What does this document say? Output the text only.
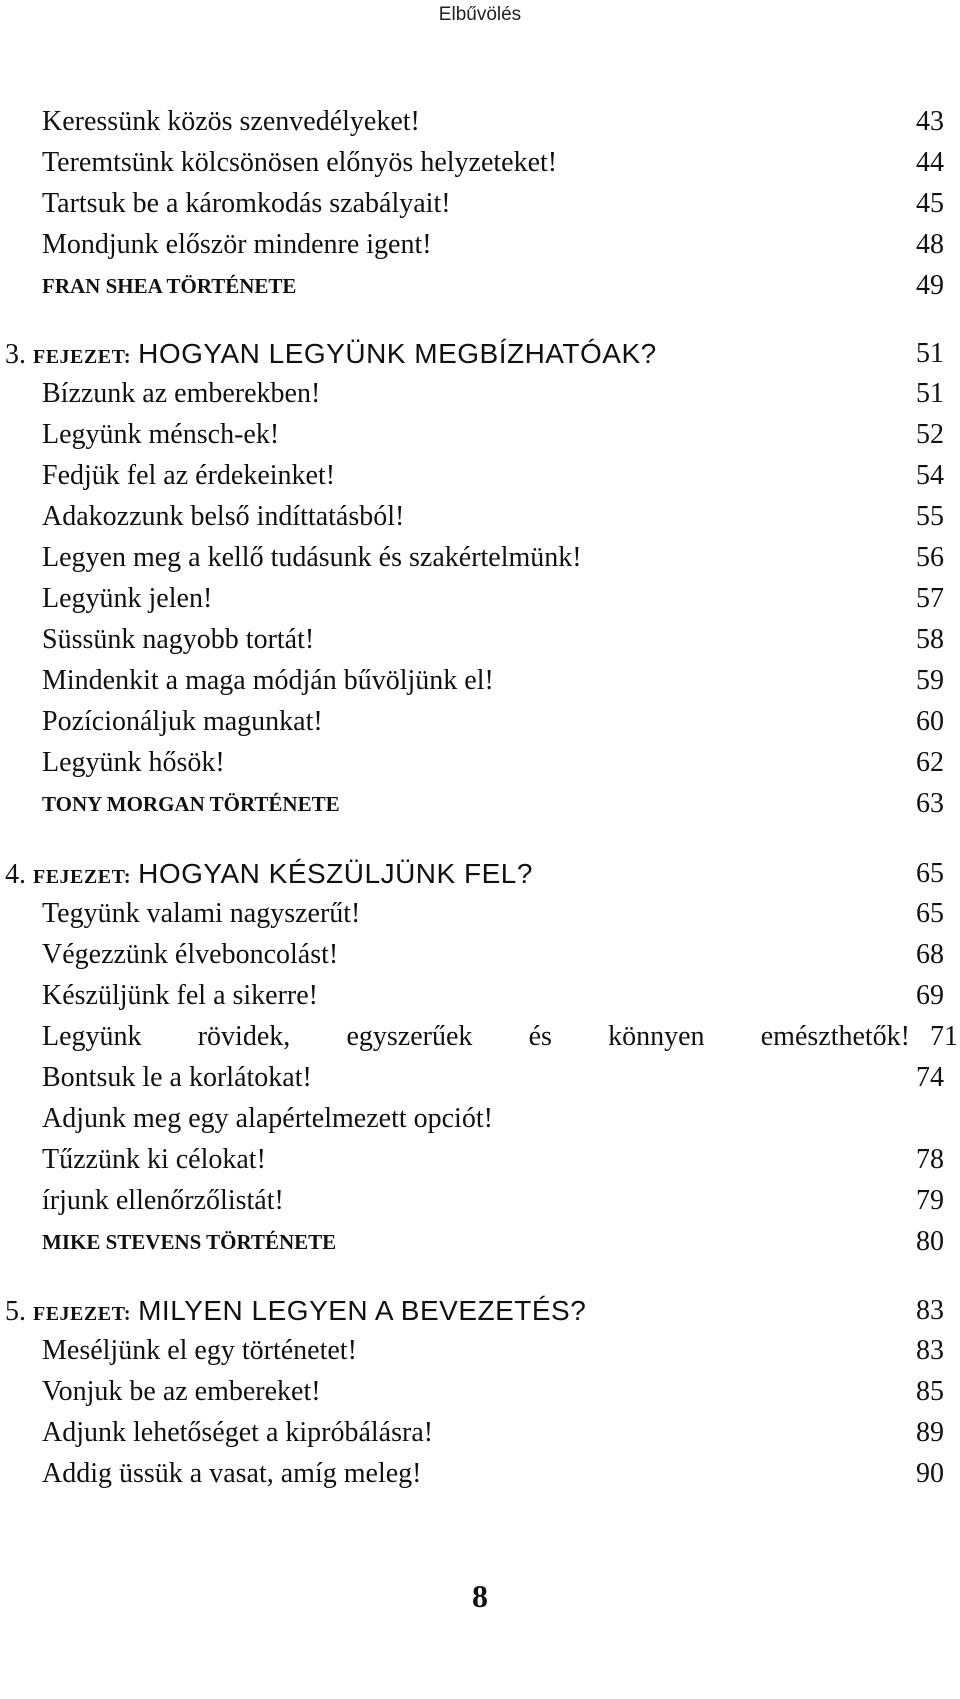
Elbűvölés
Keressünk közös szenvedélyeket!	43
Teremtsünk kölcsönösen előnyös helyzeteket!	44
Tartsuk be a káromkodás szabályait!	45
Mondjunk először mindenre igent!	48
FRAN SHEA TÖRTÉNETE	49
3. FEJEZET: HOGYAN LEGYÜNK MEGBÍZHATÓAK?	51
Bízzunk az emberekben!	51
Legyünk ménsch-ek!	52
Fedjük fel az érdekeinket!	54
Adakozzunk belső indíttatásból!	55
Legyen meg a kellő tudásunk és szakértelmünk!	56
Legyünk jelen!	57
Süssünk nagyobb tortát!	58
Mindenkit a maga módján bűvöljünk el!	59
Pozícionáljuk magunkat!	60
Legyünk hősök!	62
TONY MORGAN TÖRTÉNETE	63
4. FEJEZET: HOGYAN KÉSZÜLJÜNK FEL?	65
Tegyünk valami nagyszerűt!	65
Végezzünk élveboncolást!	68
Készüljünk fel a sikerre!	69
Legyünk rövidek, egyszerűek és könnyen emészthetők! 71
Bontsuk le a korlátokat!	74
Adjunk meg egy alapértelmezett opciót!
Tűzzünk ki célokat!	78
írjunk ellenőrzőlistát!	79
MIKE STEVENS TÖRTÉNETE	80
5. FEJEZET: MILYEN LEGYEN A BEVEZETÉS?	83
Meséljünk el egy történetet!	83
Vonjuk be az embereket!	85
Adjunk lehetőséget a kipróbálásra!	89
Addig üssük a vasat, amíg meleg!	90
8
